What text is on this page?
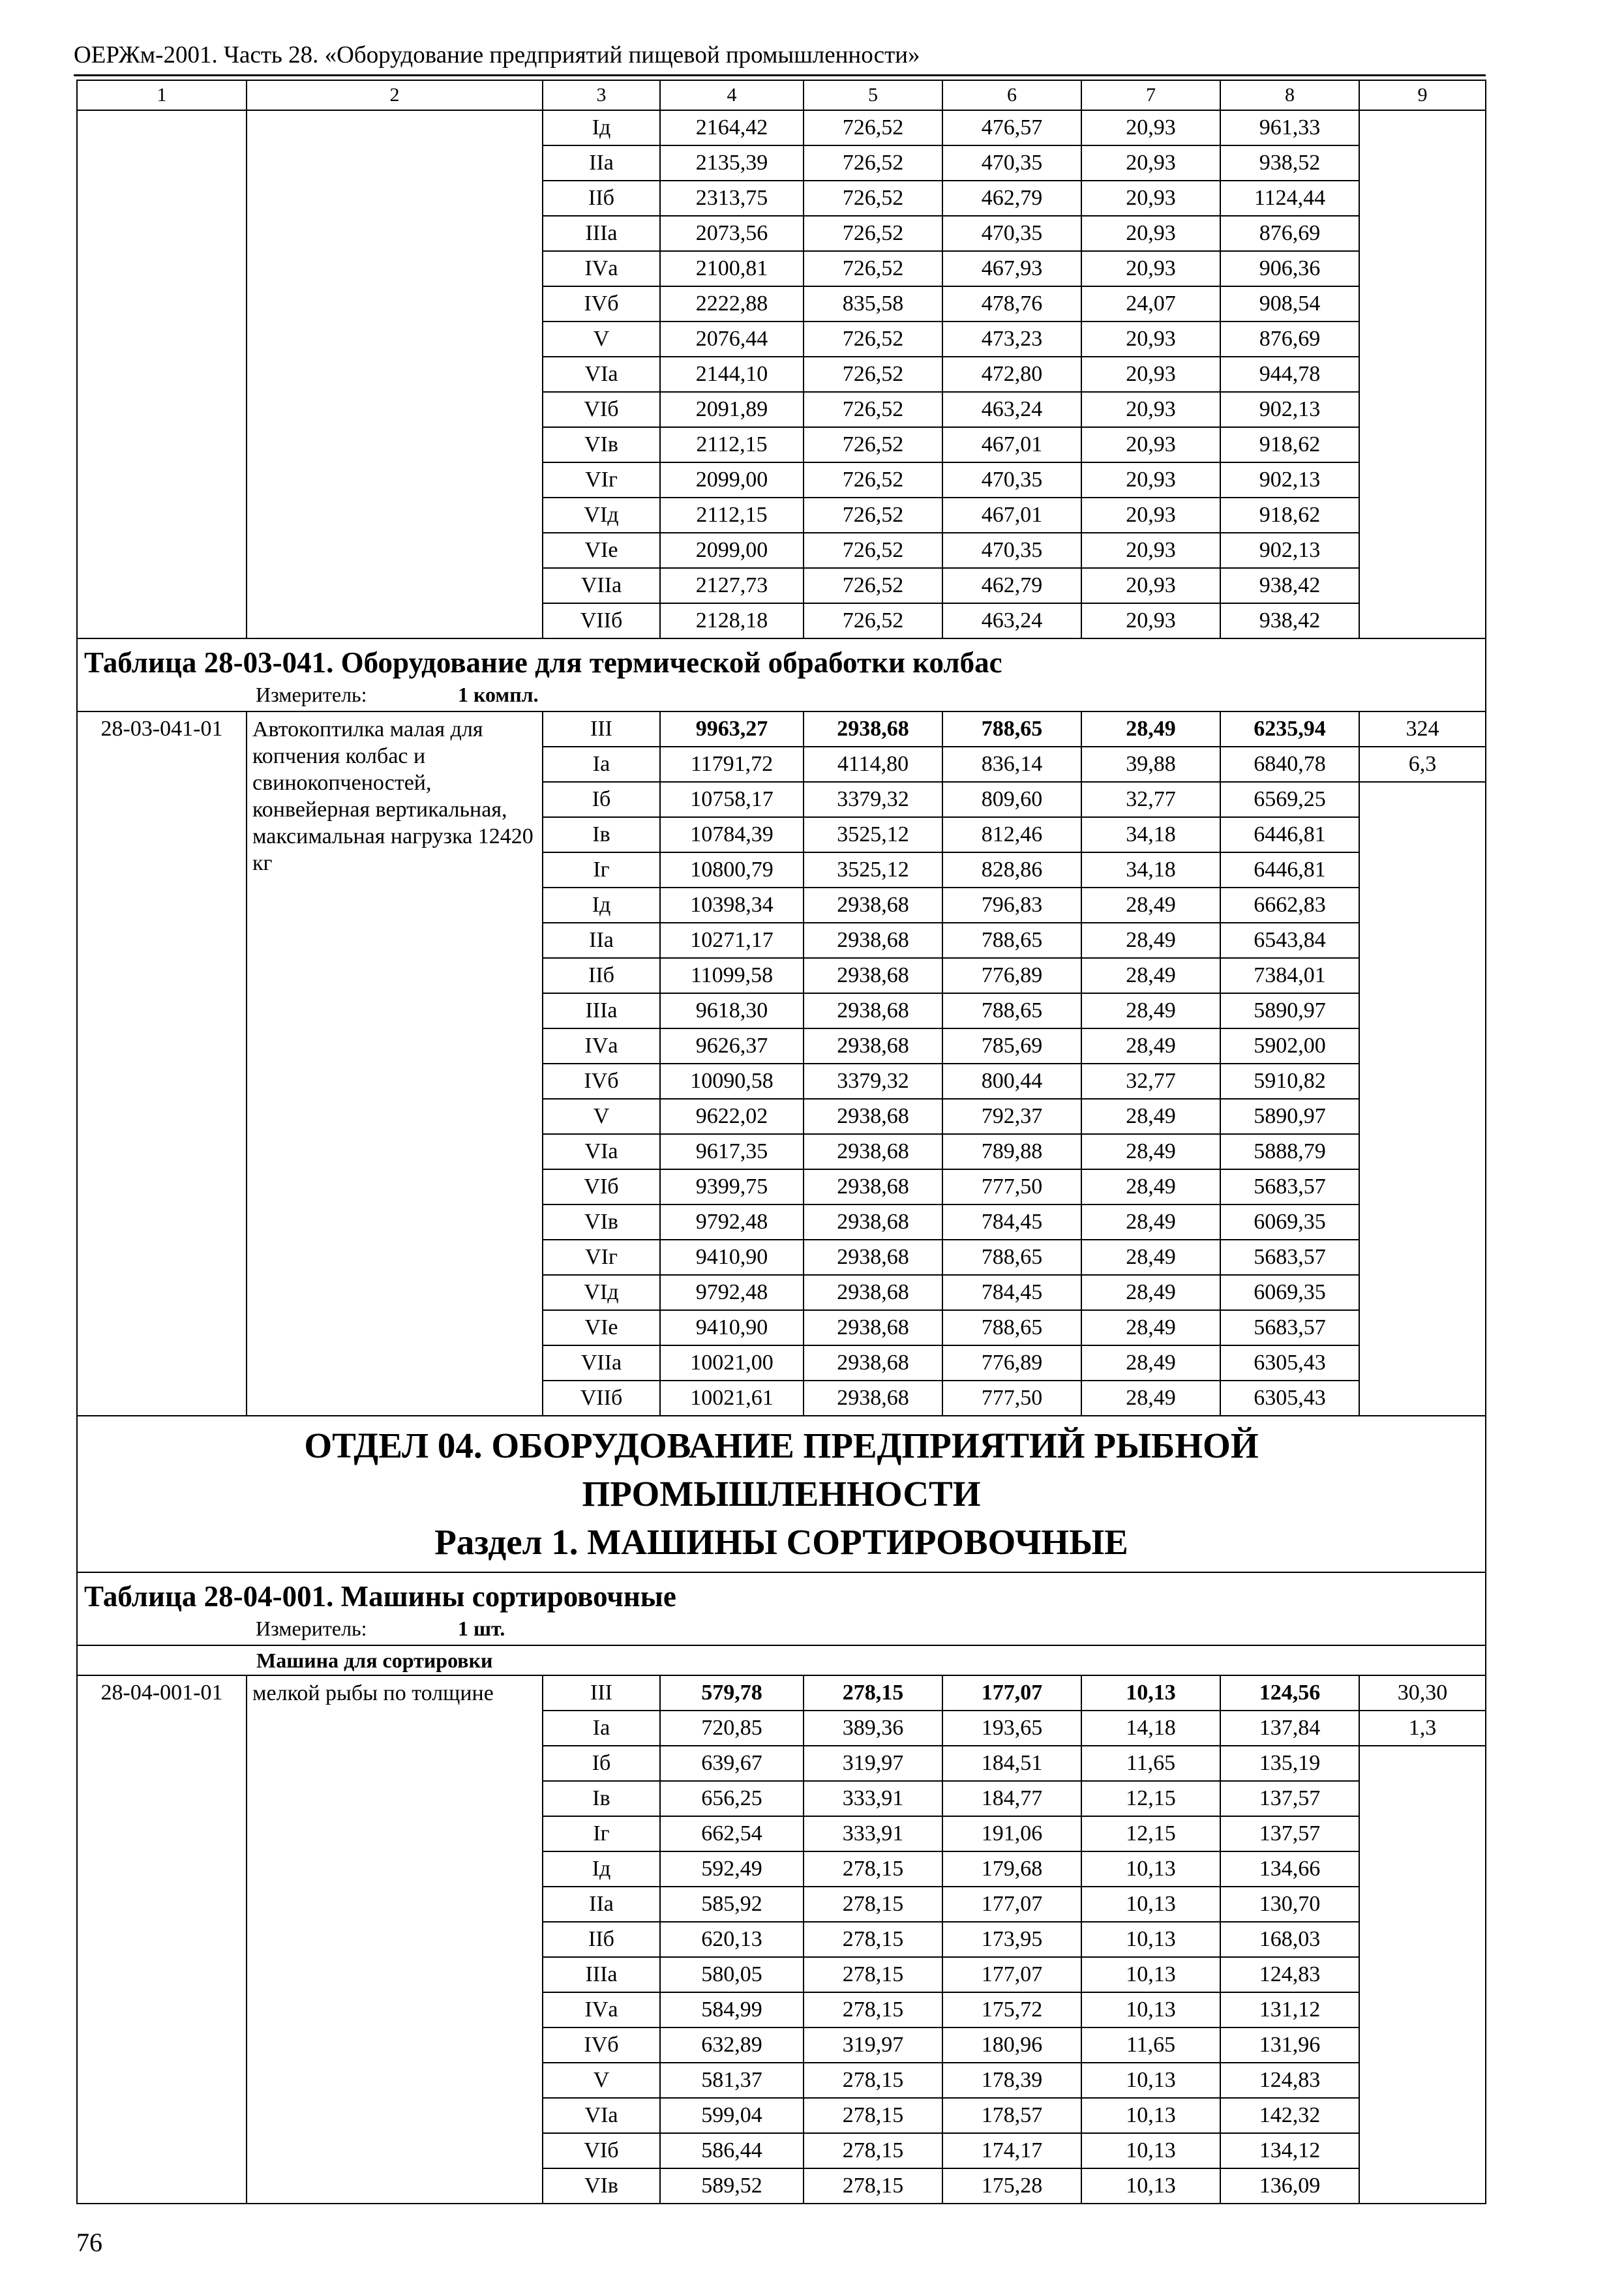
ОЕРЖм-2001. Часть 28. «Оборудование предприятий пищевой промышленности»
1	2	3	4	5	6	7	8	9
		Iд	2164,42	726,52	476,57	20,93	961,33	
		IIа	2135,39	726,52	470,35	20,93	938,52	
		IIб	2313,75	726,52	462,79	20,93	1124,44	
		IIIа	2073,56	726,52	470,35	20,93	876,69	
		IVа	2100,81	726,52	467,93	20,93	906,36	
		IVб	2222,88	835,58	478,76	24,07	908,54	
		V	2076,44	726,52	473,23	20,93	876,69	
		VIа	2144,10	726,52	472,80	20,93	944,78	
		VIб	2091,89	726,52	463,24	20,93	902,13	
		VIв	2112,15	726,52	467,01	20,93	918,62	
		VIг	2099,00	726,52	470,35	20,93	902,13	
		VIд	2112,15	726,52	467,01	20,93	918,62	
		VIе	2099,00	726,52	470,35	20,93	902,13	
		VIIа	2127,73	726,52	462,79	20,93	938,42	
		VIIб	2128,18	726,52	463,24	20,93	938,42	

Таблица 28-03-041. Оборудование для термической обработки колбас
Измеритель: 1 компл.								

28-03-041-01	Автокоптилка малая для копчения колбас и свинокопченостей, конвейерная вертикальная, максимальная нагрузка 12420 кг	III	9963,27	2938,68	788,65	28,49	6235,94	324
		Iа	11791,72	4114,80	836,14	39,88	6840,78	6,3
		Iб	10758,17	3379,32	809,60	32,77	6569,25	
		Iв	10784,39	3525,12	812,46	34,18	6446,81	
		Iг	10800,79	3525,12	828,86	34,18	6446,81	
		Iд	10398,34	2938,68	796,83	28,49	6662,83	
		IIа	10271,17	2938,68	788,65	28,49	6543,84	
		IIб	11099,58	2938,68	776,89	28,49	7384,01	
		IIIа	9618,30	2938,68	788,65	28,49	5890,97	
		IVа	9626,37	2938,68	785,69	28,49	5902,00	
		IVб	10090,58	3379,32	800,44	32,77	5910,82	
		V	9622,02	2938,68	792,37	28,49	5890,97	
		VIа	9617,35	2938,68	789,88	28,49	5888,79	
		VIб	9399,75	2938,68	777,50	28,49	5683,57	
		VIв	9792,48	2938,68	784,45	28,49	6069,35	
		VIг	9410,90	2938,68	788,65	28,49	5683,57	
		VIд	9792,48	2938,68	784,45	28,49	6069,35	
		VIе	9410,90	2938,68	788,65	28,49	5683,57	
		VIIа	10021,00	2938,68	776,89	28,49	6305,43	
		VIIб	10021,61	2938,68	777,50	28,49	6305,43	

ОТДЕЛ 04. ОБОРУДОВАНИЕ ПРЕДПРИЯТИЙ РЫБНОЙ ПРОМЫШЛЕННОСТИ
Раздел 1. МАШИНЫ СОРТИРОВОЧНЫЕ								

Таблица 28-04-001. Машины сортировочные
Измеритель: 1 шт.								

Машина для сортировки								
28-04-001-01	мелкой рыбы по толщине	III	579,78	278,15	177,07	10,13	124,56	30,30
		Iа	720,85	389,36	193,65	14,18	137,84	1,3
		Iб	639,67	319,97	184,51	11,65	135,19	
		Iв	656,25	333,91	184,77	12,15	137,57	
		Iг	662,54	333,91	191,06	12,15	137,57	
		Iд	592,49	278,15	179,68	10,13	134,66	
		IIа	585,92	278,15	177,07	10,13	130,70	
		IIб	620,13	278,15	173,95	10,13	168,03	
		IIIа	580,05	278,15	177,07	10,13	124,83	
		IVа	584,99	278,15	175,72	10,13	131,12	
		IVб	632,89	319,97	180,96	11,65	131,96	
		V	581,37	278,15	178,39	10,13	124,83	
		VIа	599,04	278,15	178,57	10,13	142,32	
		VIб	586,44	278,15	174,17	10,13	134,12	
		VIв	589,52	278,15	175,28	10,13	136,09	
76
